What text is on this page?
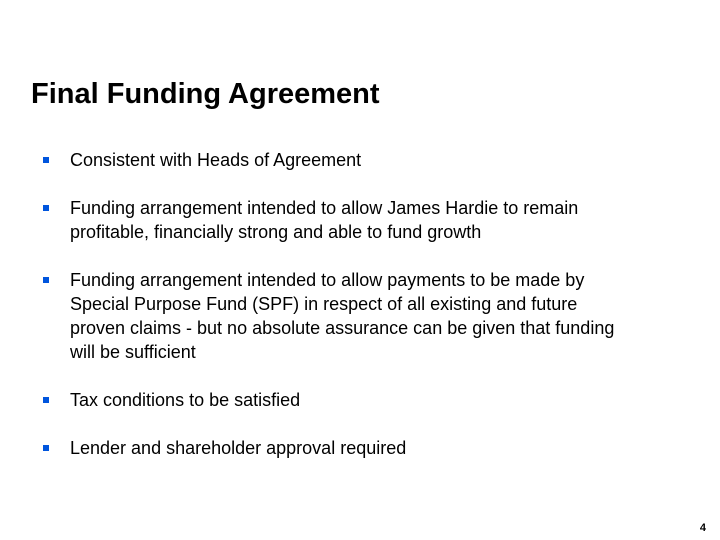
Final Funding Agreement
Consistent with Heads of Agreement
Funding arrangement intended to allow James Hardie to remain
profitable, financially strong and able to fund growth
Funding arrangement intended to allow payments to be made by
Special Purpose Fund (SPF) in respect of all existing and future
proven claims - but no absolute assurance can be given that funding
will be sufficient
Tax conditions to be satisfied
Lender and shareholder approval required
4
